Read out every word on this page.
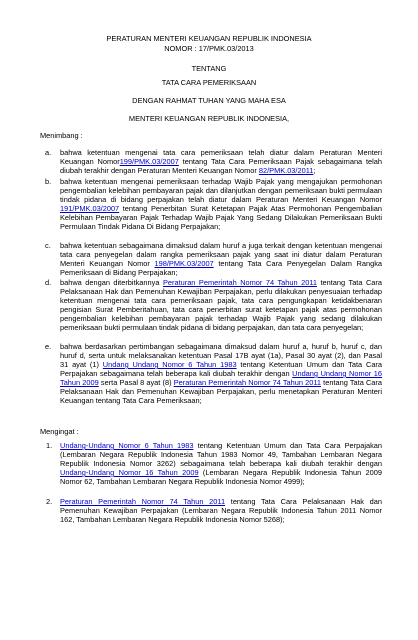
PERATURAN MENTERI KEUANGAN REPUBLIK INDONESIA
NOMOR : 17/PMK.03/2013
TENTANG
TATA CARA PEMERIKSAAN
DENGAN RAHMAT TUHAN YANG MAHA ESA
MENTERI KEUANGAN REPUBLIK INDONESIA,
Menimbang :
a. bahwa ketentuan mengenai tata cara pemeriksaan telah diatur dalam Peraturan Menteri Keuangan Nomor199/PMK.03/2007 tentang Tata Cara Pemeriksaan Pajak sebagaimana telah diubah terakhir dengan Peraturan Menteri Keuangan Nomor 82/PMK.03/2011;
b. bahwa ketentuan mengenai pemeriksaan terhadap Wajib Pajak yang mengajukan permohonan pengembalian kelebihan pembayaran pajak dan dilanjutkan dengan pemeriksaan bukti permulaan tindak pidana di bidang perpajakan telah diatur dalam Peraturan Menteri Keuangan Nomor 191/PMK.03/2007 tentang Penerbitan Surat Ketetapan Pajak Atas Permohonan Pengembalian Kelebihan Pembayaran Pajak Terhadap Wajib Pajak Yang Sedang Dilakukan Pemeriksaan Bukti Permulaan Tindak Pidana Di Bidang Perpajakan;
c. bahwa ketentuan sebagaimana dimaksud dalam huruf a juga terkait dengan ketentuan mengenai tata cara penyegelan dalam rangka pemeriksaan pajak yang saat ini diatur dalam Peraturan Menteri Keuangan Nomor 198/PMK.03/2007 tentang Tata Cara Penyegelan Dalam Rangka Pemeriksaan di Bidang Perpajakan;
d. bahwa dengan diterbitkannya Peraturan Pemerintah Nomor 74 Tahun 2011 tentang Tata Cara Pelaksanaan Hak dan Pemenuhan Kewajiban Perpajakan, perlu dilakukan penyesuaian terhadap ketentuan mengenai tata cara pemeriksaan pajak, tata cara pengungkapan ketidakbenaran pengisian Surat Pemberitahuan, tata cara penerbitan surat ketetapan pajak atas permohonan pengembalian kelebihan pembayaran pajak terhadap Wajib Pajak yang sedang dilakukan pemeriksaan bukti permulaan tindak pidana di bidang perpajakan, dan tata cara penyegelan;
e. bahwa berdasarkan pertimbangan sebagaimana dimaksud dalam huruf a, huruf b, huruf c, dan huruf d, serta untuk melaksanakan ketentuan Pasal 17B ayat (1a), Pasal 30 ayat (2), dan Pasal 31 ayat (1) Undang Undang Nomor 6 Tahun 1983 tentang Ketentuan Umum dan Tata Cara Perpajakan sebagaimana telah beberapa kali diubah terakhir dengan Undang Undang Nomor 16 Tahun 2009 serta Pasal 8 ayat (8) Peraturan Pemerintah Nomor 74 Tahun 2011 tentang Tata Cara Pelaksanaan Hak dan Pemenuhan Kewajiban Perpajakan, perlu menetapkan Peraturan Menteri Keuangan tentang Tata Cara Pemeriksaan;
Mengingat :
1. Undang-Undang Nomor 6 Tahun 1983 tentang Ketentuan Umum dan Tata Cara Perpajakan (Lembaran Negara Republik Indonesia Tahun 1983 Nomor 49, Tambahan Lembaran Negara Republik Indonesia Nomor 3262) sebagaimana telah beberapa kali diubah terakhir dengan Undang-Undang Nomor 16 Tahun 2009 (Lembaran Negara Republik Indonesia Tahun 2009 Nomor 62, Tambahan Lembaran Negara Republik Indonesia Nomor 4999);
2. Peraturan Pemerintah Nomor 74 Tahun 2011 tentang Tata Cara Pelaksanaan Hak dan Pemenuhan Kewajiban Perpajakan (Lembaran Negara Republik Indonesia Tahun 2011 Nomor 162, Tambahan Lembaran Negara Republik Indonesia Nomor 5268);
